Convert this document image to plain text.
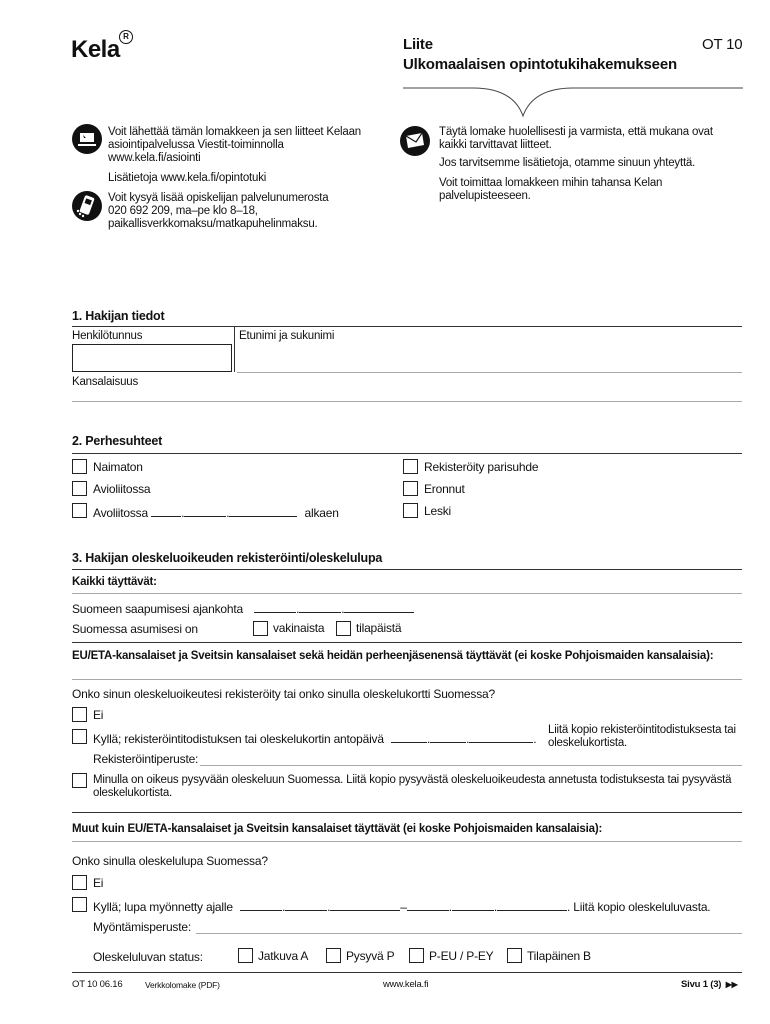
Kela R	Liite
Ulkomaalaisen opintotukihakemukseen
OT 10
Voit lähettää tämän lomakkeen ja sen liitteet Kelaan asiointipalvelussa Viestit-toiminnolla www.kela.fi/asiointi
Lisätietoja www.kela.fi/opintotuki
Voit kysyä lisää opiskelijan palvelunumerosta 020 692 209, ma–pe klo 8–18, paikallisverkkomaksu/matkapuhelinmaksu.
Täytä lomake huolellisesti ja varmista, että mukana ovat kaikki tarvittavat liitteet.
Jos tarvitsemme lisätietoja, otamme sinuun yhteyttä.
Voit toimittaa lomakkeen mihin tahansa Kelan palvelupisteeseen.
1. Hakijan tiedot
Henkilötunnus	Etunimi ja sukunimi
Kansalaisuus
2. Perhesuhteet
Naimaton
Avioliitossa
Avoliitossa	.	.	alkaen
Rekisteröity parisuhde
Eronnut
Leski
3. Hakijan oleskeluoikeuden rekisteröinti/oleskelulupa
Kaikki täyttävät:
Suomeen saapumisesi ajankohta	.	.
Suomessa asumisesi on	vakinaista	tilapäistä
EU/ETA-kansalaiset ja Sveitsin kansalaiset sekä heidän perheenjäsenensä täyttävät (ei koske Pohjoismaiden kansalaisia):
Onko sinun oleskeluoikeutesi rekisteröity tai onko sinulla oleskelukortti Suomessa?
Ei
Kyllä; rekisteröintitodistuksen tai oleskelukortin antopäivä	.	.	.
Liitä kopio rekisteröintitodistuksesta tai oleskelukortista.
Rekisteröintiperuste:
Minulla on oikeus pysyvään oleskeluun Suomessa. Liitä kopio pysyvästä oleskeluoikeudesta annetusta todistuksesta tai pysyvästä oleskelukortista.
Muut kuin EU/ETA-kansalaiset ja Sveitsin kansalaiset täyttävät (ei koske Pohjoismaiden kansalaisia):
Onko sinulla oleskelulupa Suomessa?
Ei
Kyllä; lupa myönnetty ajalle	.	.	–	.	.	. Liitä kopio oleskeluluvasta.
Myöntämisperuste:
Oleskeluluvan status:	Jatkuva A	Pysyvä P	P-EU / P-EY	Tilapäinen B
OT 10 06.16	Verkkolomake (PDF)	www.kela.fi	Sivu 1 (3) ▶▶
